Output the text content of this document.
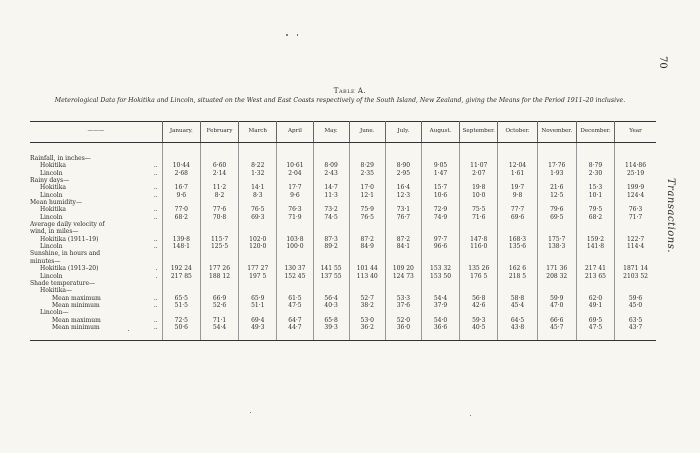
70
Transactions.
Table A.
Meterological Data for Hokitika and Lincoln, situated on the West and East Coasts respectively of the South Island, New Zealand, giving the Means for the Period 1911–20 inclusive.
———	January.	February	March	April	May.	June.	July.	August.	September.	October.	November.	December.	Year

Rainfall, in inches—													
Hokitika ..	10·44	6·60	8·22	10·61	8·09	8·29	8·90	9·05	11·07	12·04	17·76	8·79	114·86
Lincoln ..	2·68	2·14	1·32	2·04	2·43	2·35	2·95	1·47	2·07	1·61	1·93	2·30	25·19
Rainy days—													
Hokitika ..	16·7	11·2	14·1	17·7	14·7	17·0	16·4	15·7	19·8	19·7	21·6	15·3	199·9
Lincoln ..	9·6	8·2	8·3	9·6	11·3	12·1	12·3	10·6	10·0	9·8	12·5	10·1	124·4
Mean humidity—													
Hokitika ..	77·0	77·6	76·5	76·3	73·2	75·9	73·1	72·9	75·5	77·7	79·6	79·5	76·3
Lincoln ..	68·2	70·8	69·3	71·9	74·5	76·5	76·7	74·9	71·6	69·6	69·5	68·2	71·7
Average daily velocity of													
wind, in miles—													
Hokitika (1911–19) ..	139·8	115·7	102·0	103·8	87·3	87·2	87·2	97·7	147·8	168·3	175·7	159·2	122·7
Lincoln ..	148·1	125·5	120·0	100·0	89·2	84·9	84·1	96·6	116·0	135·6	138·3	141·8	114·4
Sunshine, in hours and													
minutes—													
Hokitika (1913–20) .	192 24	177 26	177 27	130 37	141 55	101 44	109 20	153 32	135 26	162 6	171 36	217 41	1871 14
Lincoln .	217 85	188 12	197 5	152 45	137 55	113 40	124 73	153 50	176 5	218 5	208 32	213 65	2103 52
Shade temperature—													
Hokitika—													
Mean maximum ..	65·5	66·9	65·9	61·5	56·4	52·7	53·3	54·4	56·8	58·8	59·9	62·0	59·6
Mean minimum ..	51·5	52·6	51·1	47·5	40·3	38·2	37·6	37·9	42·6	45·4	47·0	49·1	45·0
Lincoln—													
Mean maximum ..	72·5	71·1	69·4	64·7	65·8	53·0	52·0	54·0	59·3	64·5	66·6	69·5	63·5
Mean minimum ..	50·6	54·4	49·3	44·7	39·3	36·2	36·0	36·6	40·5	43·8	45·7	47·5	43·7
